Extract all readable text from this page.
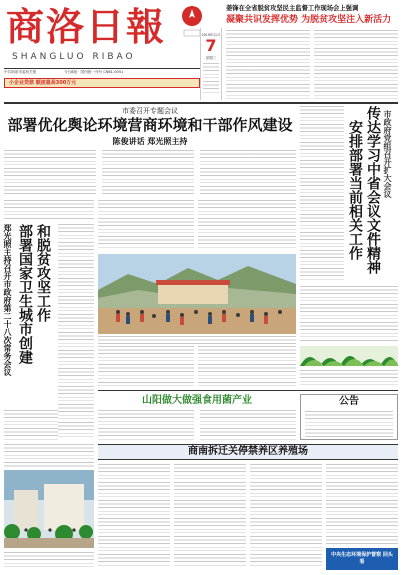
商洛日報
SHANGLUO RIBAO
中共商洛市委机关报	今日8版 · 国内统一刊号 CN61-0051
小企业贷款 额度最高300万元
2019年11月
7
星期三
姜锋在全省脱贫攻坚民主监督工作现场会上强调
凝聚共识发挥优势 为脱贫攻坚注入新活力
市委召开专题会议
部署优化舆论环境营商环境和干部作风建设
陈俊讲话 郑光照主持
郑光照主持召开市政府第二十八次常务会议 部署国家卫生城市创建 和脱贫攻坚工作
市政府党组召开扩大会议
传达学习中省会议文件精神
安排部署当前相关工作
山阳做大做强食用菌产业	公告
商南拆迁关停禁养区养殖场
中央生态环境保护督察 回头看
